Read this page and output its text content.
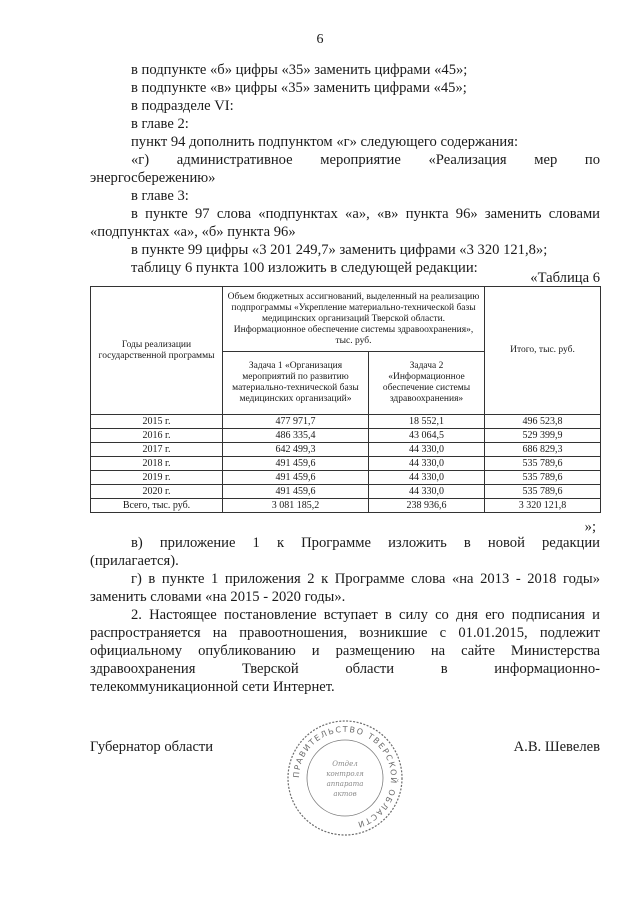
6
в подпункте «б» цифры «35» заменить цифрами «45»;
в подпункте «в» цифры «35» заменить цифрами «45»;
в подразделе VI:
в главе 2:
пункт 94 дополнить подпунктом «г» следующего содержания:
«г) административное мероприятие «Реализация мер по
энергосбережению»
в главе 3:
в пункте 97 слова «подпунктах «а», «в» пункта 96» заменить словами
«подпунктах «а», «б» пункта 96»
в пункте 99 цифры «3 201 249,7» заменить цифрами «3 320 121,8»;
таблицу 6 пункта 100 изложить в следующей редакции:
«Таблица 6
Годы реализации государственной программы	Объем бюджетных ассигнований, выделенный на реализацию подпрограммы «Укрепление материально-технической базы медицинских организаций Тверской области. Информационное обеспечение системы здравоохранения», тыс. руб.		Итого, тыс. руб.
	Задача 1 «Организация мероприятий по развитию материально-технической базы медицинских организаций»	Задача 2 «Информационное обеспечение системы здравоохранения»	
2015 г.	477 971,7	18 552,1	496 523,8
2016 г.	486 335,4	43 064,5	529 399,9
2017 г.	642 499,3	44 330,0	686 829,3
2018 г.	491 459,6	44 330,0	535 789,6
2019 г.	491 459,6	44 330,0	535 789,6
2020 г.	491 459,6	44 330,0	535 789,6
Всего, тыс. руб.	3 081 185,2	238 936,6	3 320 121,8
»;
в) приложение 1 к Программе изложить в новой редакции
(прилагается).
г) в пункте 1 приложения 2 к Программе слова «на 2013 - 2018 годы»
заменить словами «на 2015 - 2020 годы».
2. Настоящее постановление вступает в силу со дня его подписания и
распространяется на правоотношения, возникшие с 01.01.2015, подлежит
официальному опубликованию и размещению на сайте Министерства
здравоохранения Тверской области в информационно-
телекоммуникационной сети Интернет.
Губернатор области	А.В. Шевелев
ПРАВИТЕЛЬСТВО ТВЕРСКОЙ ОБЛАСТИ
Отдел
контроля
аппарата
актов
